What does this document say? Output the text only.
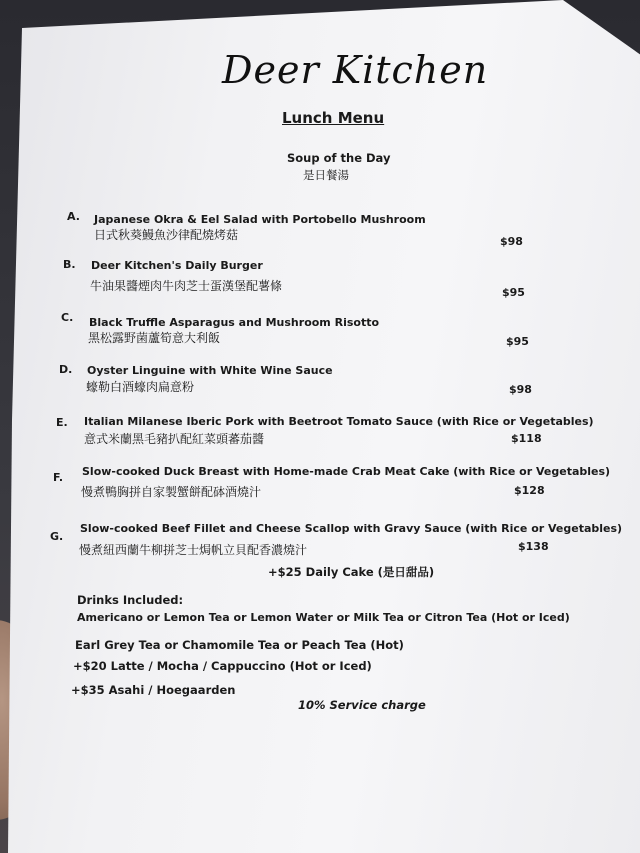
Deer Kitchen
Lunch Menu
Soup of the Day
是日餐湯
A. Japanese Okra & Eel Salad with Portobello Mushroom
日式秋葵鰻魚沙律配燒烤菇	$98
B. Deer Kitchen's Daily Burger
牛油果醬煙肉牛肉芝士蛋漢堡配薯條	$95
C. Black Truffle Asparagus and Mushroom Risotto
黑松露野菌蘆筍意大利飯	$95
D. Oyster Linguine with White Wine Sauce
蠔勒白酒蠔肉扁意粉	$98
E. Italian Milanese Iberic Pork with Beetroot Tomato Sauce (with Rice or Vegetables)
意式米蘭黑毛豬扒配紅菜頭蕃茄醬	$118
F. Slow-cooked Duck Breast with Home-made Crab Meat Cake (with Rice or Vegetables)
慢煮鴨胸拼自家製蟹餅配砵酒燒汁	$128
G.
Slow-cooked Beef Fillet and Cheese Scallop with Gravy Sauce (with Rice or Vegetables)
慢煮紐西蘭牛柳拼芝士焗帆立貝配香濃燒汁	$138
+$25 Daily Cake (是日甜品)
Drinks Included:
Americano or Lemon Tea or Lemon Water or Milk Tea or Citron Tea (Hot or Iced)
Earl Grey Tea or Chamomile Tea or Peach Tea (Hot)
+$20 Latte / Mocha / Cappuccino (Hot or Iced)
+$35 Asahi / Hoegaarden
10% Service charge
